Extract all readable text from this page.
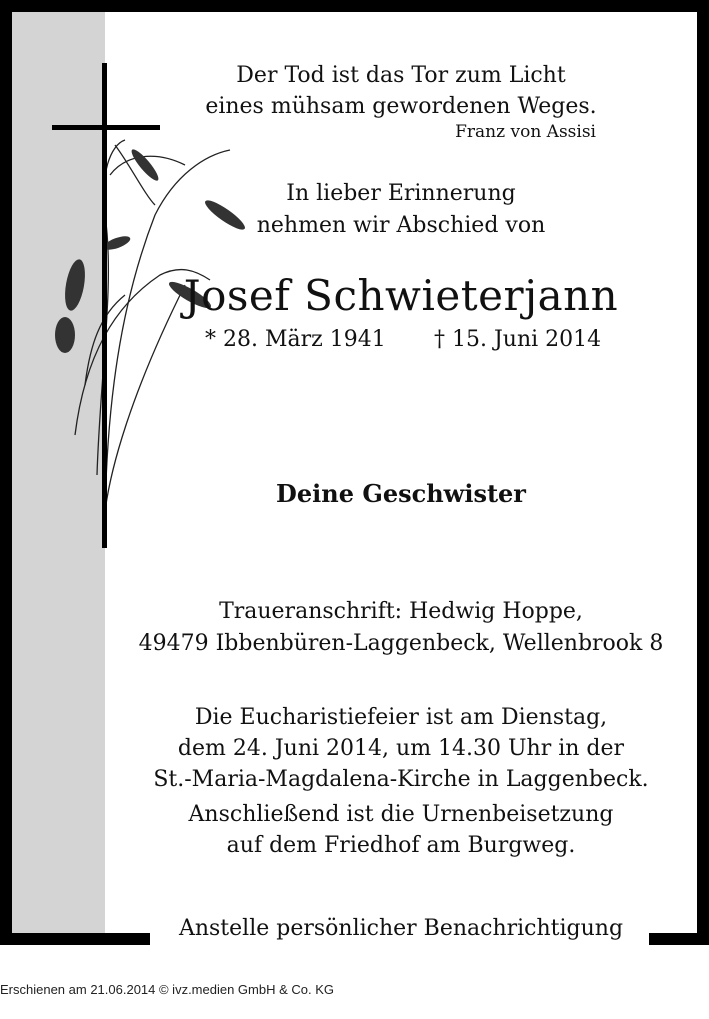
Der Tod ist das Tor zum Licht
eines mühsam gewordenen Weges.
Franz von Assisi
In lieber Erinnerung
nehmen wir Abschied von
Josef Schwieterjann
* 28. März 1941 † 15. Juni 2014
Deine Geschwister
Traueranschrift: Hedwig Hoppe,
49479 Ibbenbüren-Laggenbeck, Wellenbrook 8
Die Eucharistiefeier ist am Dienstag,
dem 24. Juni 2014, um 14.30 Uhr in der
St.-Maria-Magdalena-Kirche in Laggenbeck.
Anschließend ist die Urnenbeisetzung
auf dem Friedhof am Burgweg.
Anstelle persönlicher Benachrichtigung
Erschienen am 21.06.2014 © ivz.medien GmbH & Co. KG
